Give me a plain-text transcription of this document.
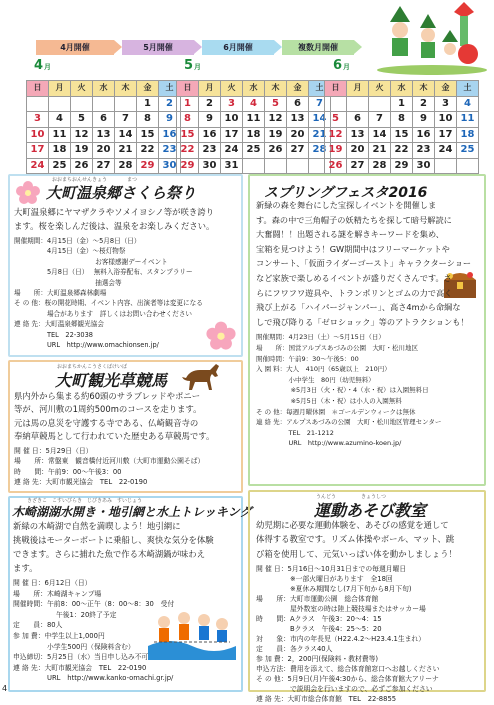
4月開催	5月開催	6月開催	複数月開催
4月	5月	6月
日	月	火	水	木	金	土
					1	2
3	4	5	6	7	8	9
10	11	12	13	14	15	16
17	18	19	20	21	22	23
24	25	26	27	28	29	30
日	月	火	水	木	金	土
1	2	3	4	5	6	7
8	9	10	11	12	13	14
15	16	17	18	19	20	21
22	23	24	25	26	27	28
29	30	31				
日	月	火	水	木	金	土
			1	2	3	4
5	6	7	8	9	10	11
12	13	14	15	16	17	18
19	20	21	22	23	24	25
26	27	28	29	30		
おおまちおんせんきょう　　　　まつ
大町温泉郷さくら祭り
大町温泉郷にヤマザクラやソメイヨシノ等が咲き誇り
ます。桜を楽しんだ後は、温泉をお楽しみください。
開催期間：4月15日（金）～5月8日（日）
　　　　　4月15日（金）～桜灯物祭
　　　　　　　　　　　　 お客様感謝デーイベント
　　　　　5月8日（日）　 無料入浴券配布、スタンプラリー
　　　　　　　　　　　　 抽選会等
場　　所：大町温泉郷森林劇場
そ の 他：桜の開花時期、イベント内容、出演者等は変更になる
　　　　　場合があります　詳しくはお問い合わせください
連 絡 先：大町温泉郷観光協会
　　　　　TEL　22-3038
　　　　　URL　http://www.omachionsen.jp/
おおまちかんこうさくばけいば
大町観光草競馬
県内外から集まる約60頭のサラブレッドやポニー
等が、河川敷の1周約500mのコースを走ります。
元は馬の息災を守護する寺である、仏崎観音寺の
奉納草競馬として行われていた歴史ある草競馬です。
開 催 日：5月29日（日）
場　　所：常盤東　観音橋付近河川敷（大町市運動公園そば）
時　　間：午前9：00～午後3：00
連 絡 先：大町市観光協会　TEL　22-0190
きざきこ　こすいびらき　じびきあみ　すいじょう
木崎湖湖水開き・地引網と水上トレッキング
新緑の木崎湖で自然を満喫しよう！地引網に
挑戦後はモーターボートに乗船し、爽快な気分を体験
できます。さらに捕れた魚で作る木崎湖鍋が味わえ
ます。
開 催 日：6月12日（日）
場　　所：木崎湖キャンプ場
開催時間：午前8：00～正午（8：00～8：30　受付
　　　　　　 午後1：20終了予定
定　　員：80人
参 加 費：中学生以上1,000円
　　　　　小学生500円（保険料含む）
申込締切：5月25日（水）当日申し込み不可
連 絡 先：大町市観光協会　TEL　22-0190
　　　　　URL　http://www.kanko-omachi.gr.jp/
スプリングフェスタ2016
新緑の森を舞台にした宝探しイベントを開催しま
す。森の中で三角帽子の妖精たちを探して暗号解読に
大奮闘！！出題される謎を解きキーワードを集め、
宝箱を見つけよう！GW期間中はフリーマーケットや
コンサート、「仮面ライダーゴースト」キャラクターショー
など家族で楽しめるイベントが盛りだくさんです。さ
らにフワフワ遊具や、トランポリンとゴムの力で高く
飛び上がる「ハイパージャンパー」、高さ4mから命綱な
しで飛び降りる「ゼロショック」等のアトラクションも！
開催期間：4月23日（土）～5月15日（日）
場　　所：国営アルプスあづみの公園　大町・松川地区
開催時間：午前9：30～午後5：00
入 園 料：大人　410円（65歳以上　210円）
　　　　　小中学生　80円（幼児無料）
　　　　　 ※5月3日（火・祝）・4（水・祝）は入園無料日
　　　　　 ※5月5日（木・祝）は小人の入園無料
そ の 他：毎週月曜休園　＊ゴールデンウィークは無休
連 絡 先：アルプスあづみの公園　大町・松川地区管理センター
　　　　　TEL　21-1212
　　　　　URL　http://www.azumino-koen.jp/
うんどう　　　　　きょうしつ
運動あそび教室
幼児期に必要な運動体験を、あそびの感覚を通して
体得する教室です。リズム体操やボール、マット、跳
び箱を使用して、元気いっぱい体を動かしましょう！
開 催 日：5月16日～10月31日までの毎週月曜日
　　　　　※一部火曜日があります　全18回
　　　　　※夏休み期間なし(7月下旬から8月下旬)
場　　所：大町市運動公園　総合体育館
　　　　　屋外数室の時は陸上競技場またはサッカー場
時　　間：Aクラス　午後3：20～4：15
　　　　　Bクラス　午後4：25～5：20
対　　象：市内の年長児（H22.4.2～H23.4.1生まれ）
定　　員：各クラス40人
参 加 費：2，200円(保険料・教材費等)
申込方法：費用を添えて、総合体育館窓口へお越しください
そ の 他：5月9日(月)午後4:30から、総合体育館大アリーナ
　　　　　で説明会を行いますので、必ずご参加ください
連 絡 先：大町市総合体育館　TEL　22-8855
4
